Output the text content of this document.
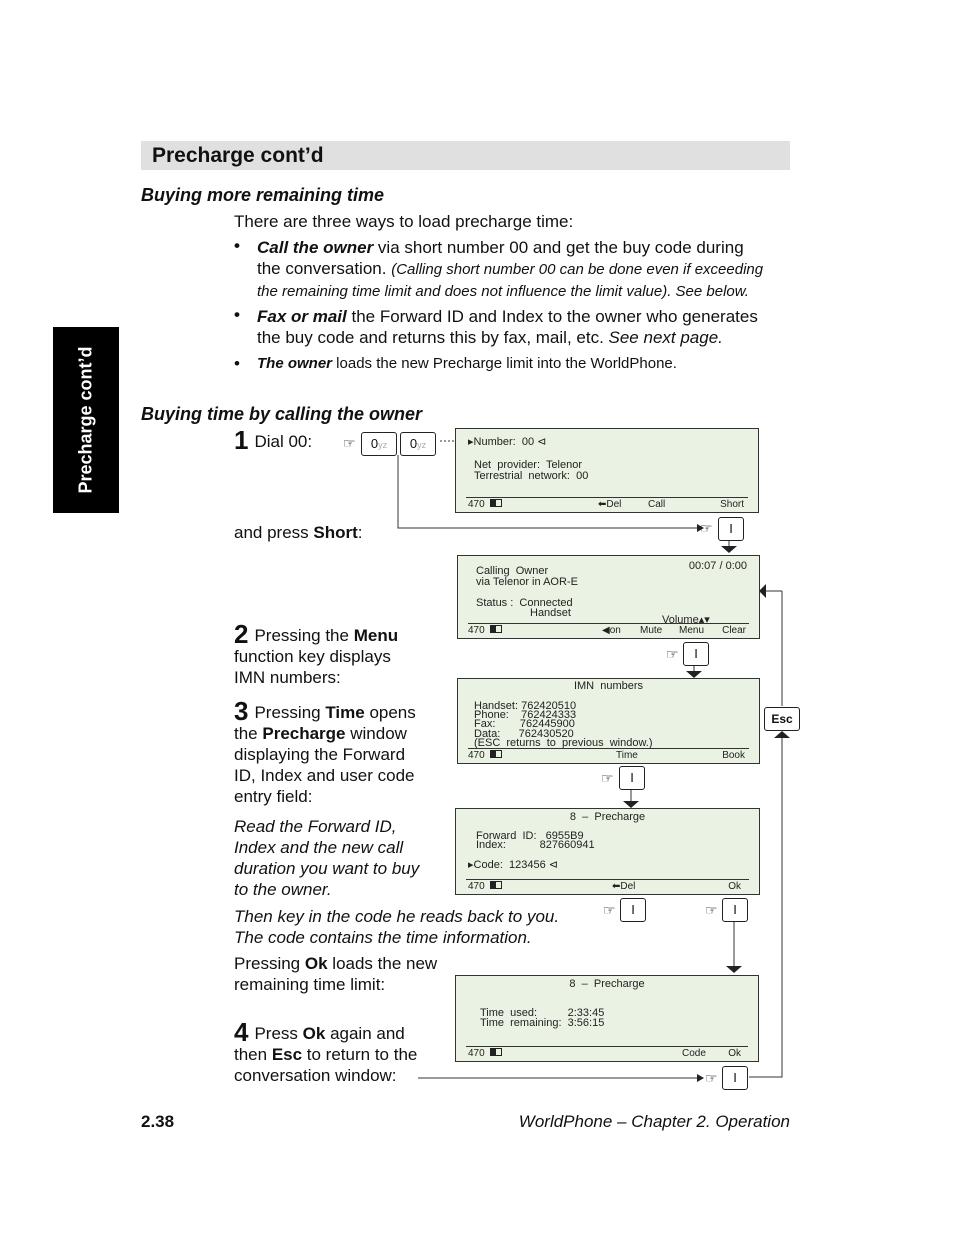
Precharge cont’d
Precharge cont’d
Buying more remaining time
There are three ways to load precharge time:
• Call the owner via short number 00 and get the buy code during
the conversation. (Calling short number 00 can be done even if exceeding
the remaining time limit and does not influence the limit value). See below.
• Fax or mail the Forward ID and Index to the owner who generates
the buy code and returns this by fax, mail, etc. See next page.
• The owner loads the new Precharge limit into the WorldPhone.
Buying time by calling the owner
1 Dial 00:
and press Short:
2 Pressing the Menu
function key displays
IMN numbers:
3 Pressing Time opens
the Precharge window
displaying the Forward
ID, Index and user code
entry field:
Read the Forward ID,
Index and the new call
duration you want to buy
to the owner.
Then key in the code he reads back to you.
The code contains the time information.
Pressing Ok loads the new
remaining time limit:
4 Press Ok again and
then Esc to return to the
conversation window:
☞	0yz	0yz
☞	I
☞	I
Esc
☞	I
☞	I	☞	I
☞	I
▸Number:  00 ⊲
Net  provider:  Telenor
Terrestrial  network:  00
470	⬅Del	Call	Short
Calling  Owner	00:07 / 0:00
via Telenor in AOR-E
Status :  Connected
Handset
Volume▴▾
470	◀on Mute Menu Clear
IMN  numbers
Handset: 762420510
Phone:    762424333
Fax:        762445900
Data:      762430520
(ESC  returns  to  previous  window.)
470	Time	Book
8  –  Precharge
Forward  ID:   6955B9
Index:           827660941
▸Code:  123456 ⊲
470	⬅Del	Ok
8  –  Precharge
Time  used:          2:33:45
Time  remaining:  3:56:15
470	Code Ok
2.38	WorldPhone – Chapter 2. Operation
